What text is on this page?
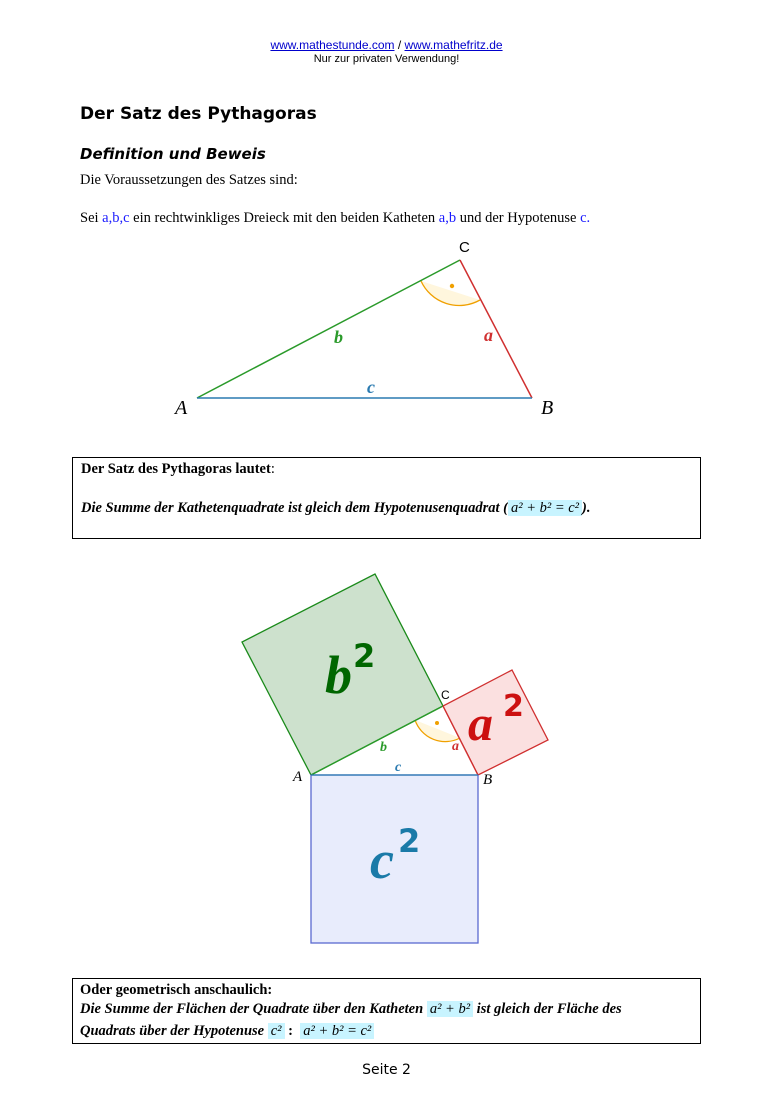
www.mathestunde.com / www.mathefritz.de
Nur zur privaten Verwendung!
Der Satz des Pythagoras
Definition und Beweis
Die Voraussetzungen des Satzes sind:
Sei a,b,c ein rechtwinkliges Dreieck mit den beiden Katheten a,b und der Hypotenuse c.
A	B
C
b	a
c
Der Satz des Pythagoras lautet:
Die Summe der Kathetenquadrate ist gleich dem Hypotenusenquadrat ( a² + b² = c² ).
b 2
a 2
c 2
A	B
C
b	a
c
Oder geometrisch anschaulich:
Die Summe der Flächen der Quadrate über den Katheten a² + b² ist gleich der Fläche des
Quadrats über der Hypotenuse c² : a² + b² = c²
Seite 2
